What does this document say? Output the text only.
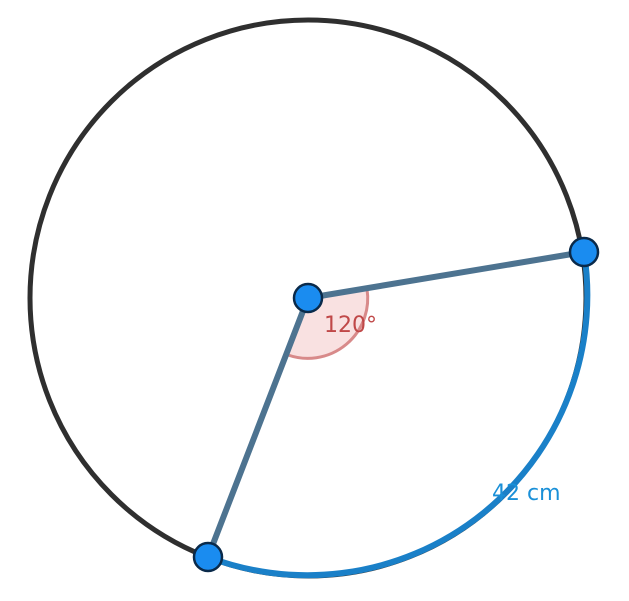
120°
42 cm
